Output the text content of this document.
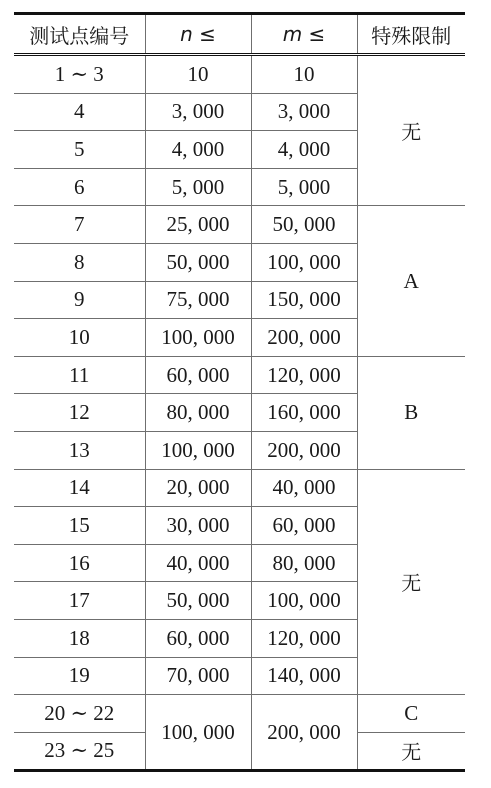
测试点编号	n ≤	m ≤	特殊限制
1 ∼ 3	10	10	无
4	3, 000	3, 000	
5	4, 000	4, 000	
6	5, 000	5, 000	
7	25, 000	50, 000	A
8	50, 000	100, 000	
9	75, 000	150, 000	
10	100, 000	200, 000	
11	60, 000	120, 000	B
12	80, 000	160, 000	
13	100, 000	200, 000	
14	20, 000	40, 000	无
15	30, 000	60, 000	
16	40, 000	80, 000	
17	50, 000	100, 000	
18	60, 000	120, 000	
19	70, 000	140, 000	
20 ∼ 22	100, 000	200, 000	C
23 ∼ 25			无
